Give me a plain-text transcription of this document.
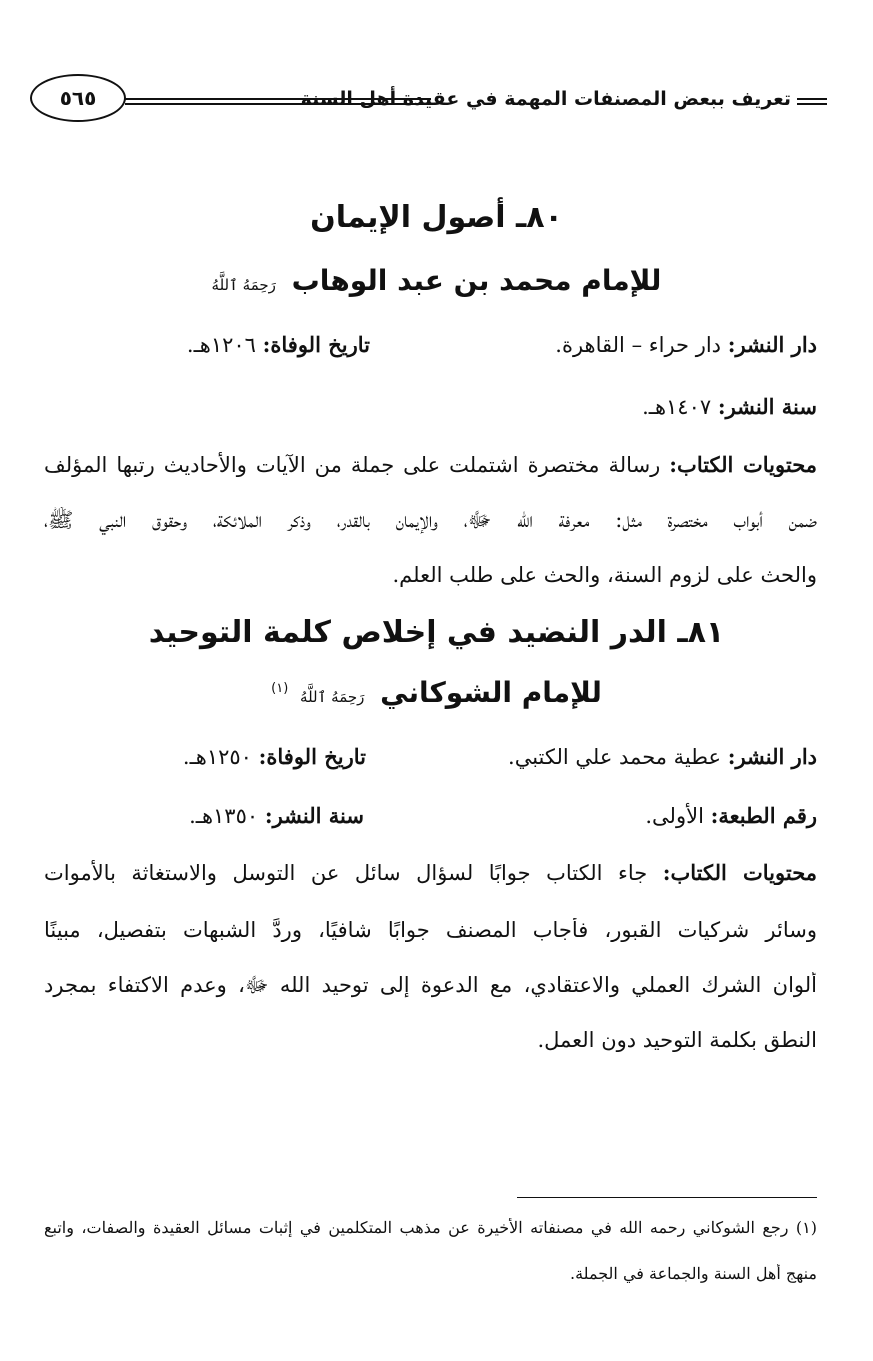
تعريف ببعض المصنفات المهمة في عقيدة أهل السنة
٥٦٥
٨٠ـ أصول الإيمان
للإمام محمد بن عبد الوهاب رَحِمَهُ ٱللَّهُ
دار النشر: دار حراء – القاهرة.
تاريخ الوفاة: ١٢٠٦هـ.
سنة النشر: ١٤٠٧هـ.
محتويات الكتاب: رسالة مختصرة اشتملت على جملة من الآيات والأحاديث رتبها المؤلف
ضمن أبواب مختصرة مثل: معرفة الله ﷻ، والإيمان بالقدر، وذكر الملائكة، وحقوق النبي ﷺ،
والحث على لزوم السنة، والحث على طلب العلم.
٨١ـ الدر النضيد في إخلاص كلمة التوحيد
للإمام الشوكاني رَحِمَهُ ٱللَّهُ $^{(١)}$
دار النشر: عطية محمد علي الكتبي.
تاريخ الوفاة: ١٢٥٠هـ.
رقم الطبعة: الأولى.
سنة النشر: ١٣٥٠هـ.
محتويات الكتاب: جاء الكتاب جوابًا لسؤال سائل عن التوسل والاستغاثة بالأموات
وسائر شركيات القبور، فأجاب المصنف جوابًا شافيًا، وردَّ الشبهات بتفصيل، مبينًا
ألوان الشرك العملي والاعتقادي، مع الدعوة إلى توحيد الله ﷻ، وعدم الاكتفاء بمجرد
النطق بكلمة التوحيد دون العمل.
(١) رجع الشوكاني رحمه الله في مصنفاته الأخيرة عن مذهب المتكلمين في إثبات مسائل العقيدة والصفات، واتبع
منهج أهل السنة والجماعة في الجملة.
